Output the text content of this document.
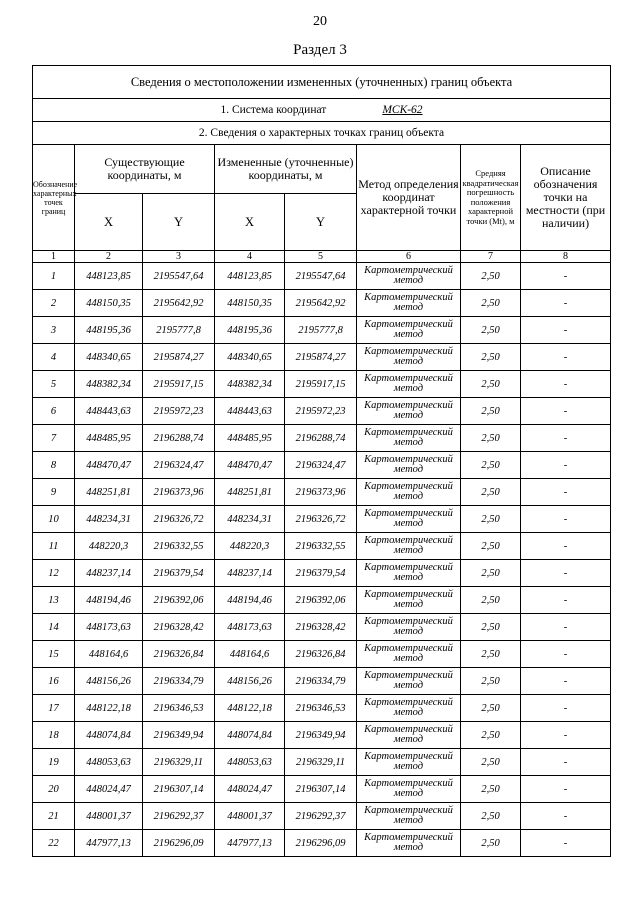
20
Раздел 3
Сведения о местоположении измененных (уточненных) границ объекта							
1. Система координат МСК-62							
2. Сведения о характерных точках границ объекта							
Обозначение характерных точек границ	Существующие координаты, м		Измененные (уточненные) координаты, м		Метод определения координат характерной точки	Средняя квадратическая погрешность положения характерной точки (Mt), м	Описание обозначения точки на местности (при наличии)
	X	Y	X	Y			
1	2	3	4	5	6	7	8
1	448123,85	2195547,64	448123,85	2195547,64	Картометрический метод	2,50	-
2	448150,35	2195642,92	448150,35	2195642,92	Картометрический метод	2,50	-
3	448195,36	2195777,8	448195,36	2195777,8	Картометрический метод	2,50	-
4	448340,65	2195874,27	448340,65	2195874,27	Картометрический метод	2,50	-
5	448382,34	2195917,15	448382,34	2195917,15	Картометрический метод	2,50	-
6	448443,63	2195972,23	448443,63	2195972,23	Картометрический метод	2,50	-
7	448485,95	2196288,74	448485,95	2196288,74	Картометрический метод	2,50	-
8	448470,47	2196324,47	448470,47	2196324,47	Картометрический метод	2,50	-
9	448251,81	2196373,96	448251,81	2196373,96	Картометрический метод	2,50	-
10	448234,31	2196326,72	448234,31	2196326,72	Картометрический метод	2,50	-
11	448220,3	2196332,55	448220,3	2196332,55	Картометрический метод	2,50	-
12	448237,14	2196379,54	448237,14	2196379,54	Картометрический метод	2,50	-
13	448194,46	2196392,06	448194,46	2196392,06	Картометрический метод	2,50	-
14	448173,63	2196328,42	448173,63	2196328,42	Картометрический метод	2,50	-
15	448164,6	2196326,84	448164,6	2196326,84	Картометрический метод	2,50	-
16	448156,26	2196334,79	448156,26	2196334,79	Картометрический метод	2,50	-
17	448122,18	2196346,53	448122,18	2196346,53	Картометрический метод	2,50	-
18	448074,84	2196349,94	448074,84	2196349,94	Картометрический метод	2,50	-
19	448053,63	2196329,11	448053,63	2196329,11	Картометрический метод	2,50	-
20	448024,47	2196307,14	448024,47	2196307,14	Картометрический метод	2,50	-
21	448001,37	2196292,37	448001,37	2196292,37	Картометрический метод	2,50	-
22	447977,13	2196296,09	447977,13	2196296,09	Картометрический метод	2,50	-
